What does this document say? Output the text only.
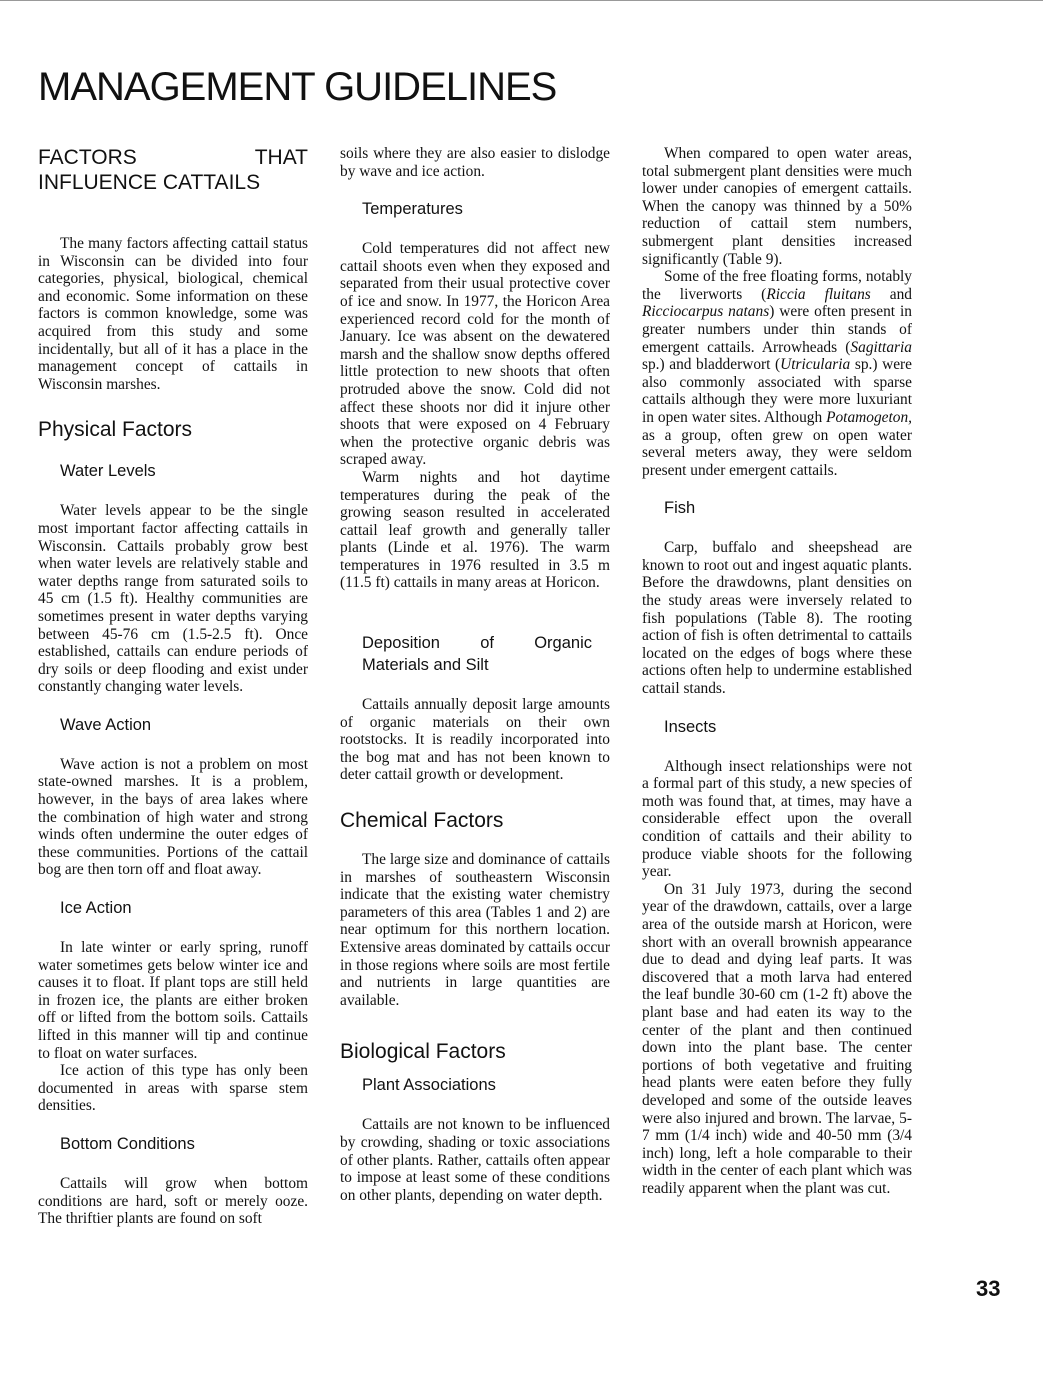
MANAGEMENT GUIDELINES
FACTORS THAT INFLUENCE CATTAILS

The many factors affecting cattail status in Wisconsin can be divided into four categories, physical, biological, chemical and economic. Some information on these factors is common knowledge, some was acquired from this study and some incidentally, but all of it has a place in the management concept of cattails in Wisconsin marshes.

Physical Factors
Water Levels

Water levels appear to be the single most important factor affecting cattails in Wisconsin. Cattails probably grow best when water levels are relatively stable and water depths range from saturated soils to 45 cm (1.5 ft). Healthy communities are sometimes present in water depths varying between 45-76 cm (1.5-2.5 ft). Once established, cattails can endure periods of dry soils or deep flooding and exist under constantly changing water levels.

Wave Action

Wave action is not a problem on most state-owned marshes. It is a problem, however, in the bays of area lakes where the combination of high water and strong winds often undermine the outer edges of these communities. Portions of the cattail bog are then torn off and float away.

Ice Action

In late winter or early spring, runoff water sometimes gets below winter ice and causes it to float. If plant tops are still held in frozen ice, the plants are either broken off or lifted from the bottom soils. Cattails lifted in this manner will tip and continue to float on water surfaces.

Ice action of this type has only been documented in areas with sparse stem densities.

Bottom Conditions

Cattails will grow when bottom conditions are hard, soft or merely ooze. The thriftier plants are found on soft

soils where they are also easier to dislodge by wave and ice action.

Temperatures

Cold temperatures did not affect new cattail shoots even when they exposed and separated from their usual protective cover of ice and snow. In 1977, the Horicon Area experienced record cold for the month of January. Ice was absent on the dewatered marsh and the shallow snow depths offered little protection to new shoots that often protruded above the snow. Cold did not affect these shoots nor did it injure other shoots that were exposed on 4 February when the protective organic debris was scraped away.

Warm nights and hot daytime temperatures during the peak of the growing season resulted in accelerated cattail leaf growth and generally taller plants (Linde et al. 1976). The warm temperatures in 1976 resulted in 3.5 m (11.5 ft) cattails in many areas at Horicon.

Deposition of Organic Materials and Silt

Cattails annually deposit large amounts of organic materials on their own rootstocks. It is readily incorporated into the bog mat and has not been known to deter cattail growth or development.

Chemical Factors

The large size and dominance of cattails in marshes of southeastern Wisconsin indicate that the existing water chemistry parameters of this area (Tables 1 and 2) are near optimum for this northern location. Extensive areas dominated by cattails occur in those regions where soils are most fertile and nutrients in large quantities are available.

Biological Factors
Plant Associations

Cattails are not known to be influenced by crowding, shading or toxic associations of other plants. Rather, cattails often appear to impose at least some of these conditions on other plants, depending on water depth.

When compared to open water areas, total submergent plant densities were much lower under canopies of emergent cattails. When the canopy was thinned by a 50% reduction of cattail stem numbers, submergent plant densities increased significantly (Table 9).

Some of the free floating forms, notably the liverworts (Riccia fluitans and Ricciocarpus natans) were often present in greater numbers under thin stands of emergent cattails. Arrowheads (Sagittaria sp.) and bladderwort (Utricularia sp.) were also commonly associated with sparse cattails although they were more luxuriant in open water sites. Although Potamogeton, as a group, often grew on open water several meters away, they were seldom present under emergent cattails.

Fish

Carp, buffalo and sheepshead are known to root out and ingest aquatic plants. Before the drawdowns, plant densities on the study areas were inversely related to fish populations (Table 8). The rooting action of fish is often detrimental to cattails located on the edges of bogs where these actions often help to undermine established cattail stands.

Insects

Although insect relationships were not a formal part of this study, a new species of moth was found that, at times, may have a considerable effect upon the overall condition of cattails and their ability to produce viable shoots for the following year.

On 31 July 1973, during the second year of the drawdown, cattails, over a large area of the outside marsh at Horicon, were short with an overall brownish appearance due to dead and dying leaf parts. It was discovered that a moth larva had entered the leaf bundle 30-60 cm (1-2 ft) above the plant base and had eaten its way to the center of the plant and then continued down into the plant base. The center portions of both vegetative and fruiting head plants were eaten before they fully developed and some of the outside leaves were also injured and brown. The larvae, 5-7 mm (1/4 inch) wide and 40-50 mm (3/4 inch) long, left a hole comparable to their width in the center of each plant which was readily apparent when the plant was cut.

33
